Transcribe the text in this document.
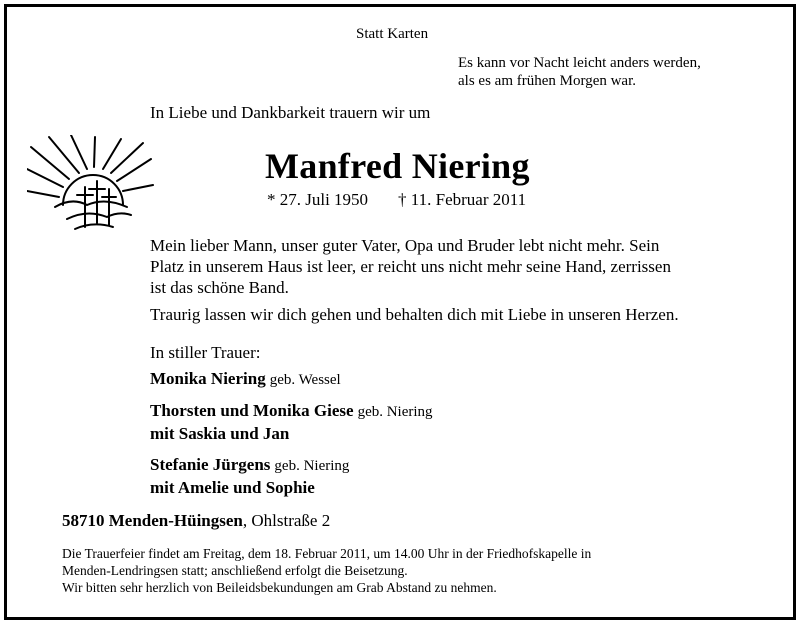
Statt Karten
Es kann vor Nacht leicht anders werden,
als es am frühen Morgen war.
In Liebe und Dankbarkeit trauern wir um
Manfred Niering
* 27. Juli 1950 † 11. Februar 2011
Mein lieber Mann, unser guter Vater, Opa und Bruder lebt nicht mehr. Sein
Platz in unserem Haus ist leer, er reicht uns nicht mehr seine Hand, zerrissen
ist das schöne Band.
Traurig lassen wir dich gehen und behalten dich mit Liebe in unseren Herzen.
In stiller Trauer:
Monika Niering geb. Wessel
Thorsten und Monika Giese geb. Niering
mit Saskia und Jan
Stefanie Jürgens geb. Niering
mit Amelie und Sophie
58710 Menden-Hüingsen, Ohlstraße 2
Die Trauerfeier findet am Freitag, dem 18. Februar 2011, um 14.00 Uhr in der Friedhofskapelle in
Menden-Lendringsen statt; anschließend erfolgt die Beisetzung.
Wir bitten sehr herzlich von Beileidsbekundungen am Grab Abstand zu nehmen.
